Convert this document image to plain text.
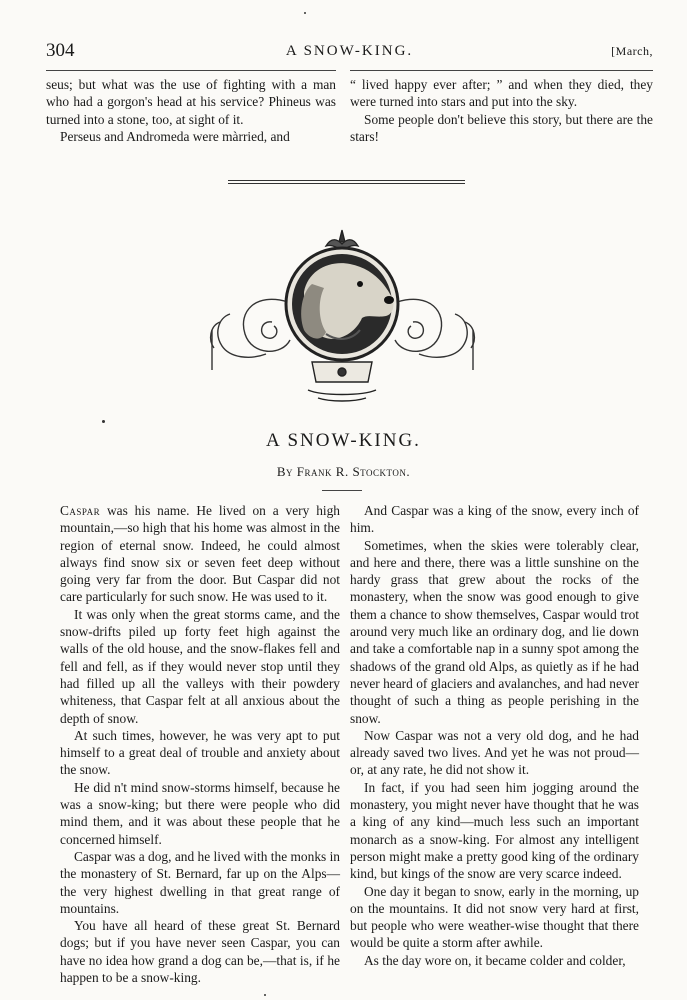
304	A SNOW-KING.	[March,

seus; but what was the use of fighting with a man who had a gorgon's head at his service? Phineus was turned into a stone, too, at sight of it.

Perseus and Andromeda were màrried, and

“ lived happy ever after; ” and when they died, they were turned into stars and put into the sky.

Some people don't believe this story, but there are the stars!

A SNOW-KING.
By Frank R. Stockton.

Caspar was his name. He lived on a very high mountain,—so high that his home was almost in the region of eternal snow. Indeed, he could almost always find snow six or seven feet deep without going very far from the door. But Caspar did not care particularly for such snow. He was used to it.

It was only when the great storms came, and the snow-drifts piled up forty feet high against the walls of the old house, and the snow-flakes fell and fell and fell, as if they would never stop until they had filled up all the valleys with their powdery whiteness, that Caspar felt at all anxious about the depth of snow.

At such times, however, he was very apt to put himself to a great deal of trouble and anxiety about the snow.

He did n't mind snow-storms himself, because he was a snow-king; but there were people who did mind them, and it was about these people that he concerned himself.

Caspar was a dog, and he lived with the monks in the monastery of St. Bernard, far up on the Alps—the very highest dwelling in that great range of mountains.

You have all heard of these great St. Bernard dogs; but if you have never seen Caspar, you can have no idea how grand a dog can be,—that is, if he happen to be a snow-king.

And Caspar was a king of the snow, every inch of him.

Sometimes, when the skies were tolerably clear, and here and there, there was a little sunshine on the hardy grass that grew about the rocks of the monastery, when the snow was good enough to give them a chance to show themselves, Caspar would trot around very much like an ordinary dog, and lie down and take a comfortable nap in a sunny spot among the shadows of the grand old Alps, as quietly as if he had never heard of glaciers and avalanches, and had never thought of such a thing as people perishing in the snow.

Now Caspar was not a very old dog, and he had already saved two lives. And yet he was not proud—or, at any rate, he did not show it.

In fact, if you had seen him jogging around the monastery, you might never have thought that he was a king of any kind—much less such an important monarch as a snow-king. For almost any intelligent person might make a pretty good king of the ordinary kind, but kings of the snow are very scarce indeed.

One day it began to snow, early in the morning, up on the mountains. It did not snow very hard at first, but people who were weather-wise thought that there would be quite a storm after awhile.

As the day wore on, it became colder and colder,
